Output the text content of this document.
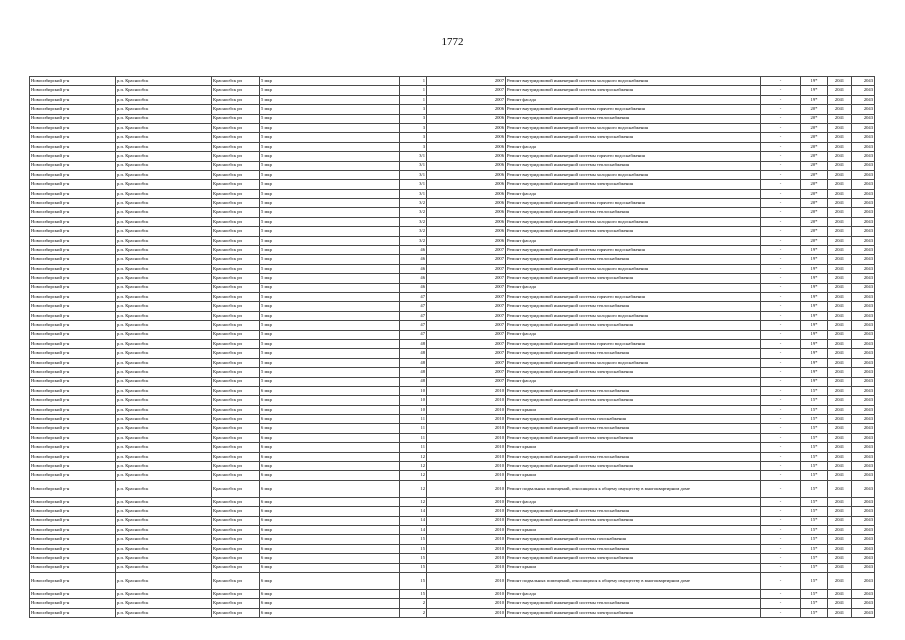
1772
Новосибирский р-н	р.п. Краснообск	Краснообск рп	5 мкр	1	2007	Ремонт внутридомовой инженерной системы холодного водоснабжения	-	19*	2041	2043
Новосибирский р-н	р.п. Краснообск	Краснообск рп	5 мкр	1	2007	Ремонт внутридомовой инженерной системы электроснабжения	-	19*	2041	2043
Новосибирский р-н	р.п. Краснообск	Краснообск рп	5 мкр	1	2007	Ремонт фасада	-	19*	2041	2043
Новосибирский р-н	р.п. Краснообск	Краснообск рп	5 мкр	3	2006	Ремонт внутридомовой инженерной системы горячего водоснабжения	-	20*	2041	2043
Новосибирский р-н	р.п. Краснообск	Краснообск рп	5 мкр	3	2006	Ремонт внутридомовой инженерной системы теплоснабжения	-	20*	2041	2043
Новосибирский р-н	р.п. Краснообск	Краснообск рп	5 мкр	3	2006	Ремонт внутридомовой инженерной системы холодного водоснабжения	-	20*	2041	2043
Новосибирский р-н	р.п. Краснообск	Краснообск рп	5 мкр	3	2006	Ремонт внутридомовой инженерной системы электроснабжения	-	20*	2041	2043
Новосибирский р-н	р.п. Краснообск	Краснообск рп	5 мкр	3	2006	Ремонт фасада	-	20*	2041	2043
Новосибирский р-н	р.п. Краснообск	Краснообск рп	5 мкр	3/1	2006	Ремонт внутридомовой инженерной системы горячего водоснабжения	-	20*	2041	2043
Новосибирский р-н	р.п. Краснообск	Краснообск рп	5 мкр	3/1	2006	Ремонт внутридомовой инженерной системы теплоснабжения	-	20*	2041	2043
Новосибирский р-н	р.п. Краснообск	Краснообск рп	5 мкр	3/1	2006	Ремонт внутридомовой инженерной системы холодного водоснабжения	-	20*	2041	2043
Новосибирский р-н	р.п. Краснообск	Краснообск рп	5 мкр	3/1	2006	Ремонт внутридомовой инженерной системы электроснабжения	-	20*	2041	2043
Новосибирский р-н	р.п. Краснообск	Краснообск рп	5 мкр	3/1	2006	Ремонт фасада	-	20*	2041	2043
Новосибирский р-н	р.п. Краснообск	Краснообск рп	5 мкр	3/2	2006	Ремонт внутридомовой инженерной системы горячего водоснабжения	-	20*	2041	2043
Новосибирский р-н	р.п. Краснообск	Краснообск рп	5 мкр	3/2	2006	Ремонт внутридомовой инженерной системы теплоснабжения	-	20*	2041	2043
Новосибирский р-н	р.п. Краснообск	Краснообск рп	5 мкр	3/2	2006	Ремонт внутридомовой инженерной системы холодного водоснабжения	-	20*	2041	2043
Новосибирский р-н	р.п. Краснообск	Краснообск рп	5 мкр	3/2	2006	Ремонт внутридомовой инженерной системы электроснабжения	-	20*	2041	2043
Новосибирский р-н	р.п. Краснообск	Краснообск рп	5 мкр	3/2	2006	Ремонт фасада	-	20*	2041	2043
Новосибирский р-н	р.п. Краснообск	Краснообск рп	5 мкр	46	2007	Ремонт внутридомовой инженерной системы горячего водоснабжения	-	19*	2041	2043
Новосибирский р-н	р.п. Краснообск	Краснообск рп	5 мкр	46	2007	Ремонт внутридомовой инженерной системы теплоснабжения	-	19*	2041	2043
Новосибирский р-н	р.п. Краснообск	Краснообск рп	5 мкр	46	2007	Ремонт внутридомовой инженерной системы холодного водоснабжения	-	19*	2041	2043
Новосибирский р-н	р.п. Краснообск	Краснообск рп	5 мкр	46	2007	Ремонт внутридомовой инженерной системы электроснабжения	-	19*	2041	2043
Новосибирский р-н	р.п. Краснообск	Краснообск рп	5 мкр	46	2007	Ремонт фасада	-	19*	2041	2043
Новосибирский р-н	р.п. Краснообск	Краснообск рп	5 мкр	47	2007	Ремонт внутридомовой инженерной системы горячего водоснабжения	-	19*	2041	2043
Новосибирский р-н	р.п. Краснообск	Краснообск рп	5 мкр	47	2007	Ремонт внутридомовой инженерной системы теплоснабжения	-	19*	2041	2043
Новосибирский р-н	р.п. Краснообск	Краснообск рп	5 мкр	47	2007	Ремонт внутридомовой инженерной системы холодного водоснабжения	-	19*	2041	2043
Новосибирский р-н	р.п. Краснообск	Краснообск рп	5 мкр	47	2007	Ремонт внутридомовой инженерной системы электроснабжения	-	19*	2041	2043
Новосибирский р-н	р.п. Краснообск	Краснообск рп	5 мкр	47	2007	Ремонт фасада	-	19*	2041	2043
Новосибирский р-н	р.п. Краснообск	Краснообск рп	5 мкр	48	2007	Ремонт внутридомовой инженерной системы горячего водоснабжения	-	19*	2041	2043
Новосибирский р-н	р.п. Краснообск	Краснообск рп	5 мкр	48	2007	Ремонт внутридомовой инженерной системы теплоснабжения	-	19*	2041	2043
Новосибирский р-н	р.п. Краснообск	Краснообск рп	5 мкр	48	2007	Ремонт внутридомовой инженерной системы холодного водоснабжения	-	19*	2041	2043
Новосибирский р-н	р.п. Краснообск	Краснообск рп	5 мкр	48	2007	Ремонт внутридомовой инженерной системы электроснабжения	-	19*	2041	2043
Новосибирский р-н	р.п. Краснообск	Краснообск рп	5 мкр	48	2007	Ремонт фасада	-	19*	2041	2043
Новосибирский р-н	р.п. Краснообск	Краснообск рп	6 мкр	10	2010	Ремонт внутридомовой инженерной системы теплоснабжения	-	15*	2041	2043
Новосибирский р-н	р.п. Краснообск	Краснообск рп	6 мкр	10	2010	Ремонт внутридомовой инженерной системы электроснабжения	-	15*	2041	2043
Новосибирский р-н	р.п. Краснообск	Краснообск рп	6 мкр	10	2010	Ремонт крыши	-	15*	2041	2043
Новосибирский р-н	р.п. Краснообск	Краснообск рп	6 мкр	11	2010	Ремонт внутридомовой инженерной системы газоснабжения	-	15*	2041	2043
Новосибирский р-н	р.п. Краснообск	Краснообск рп	6 мкр	11	2010	Ремонт внутридомовой инженерной системы теплоснабжения	-	15*	2041	2043
Новосибирский р-н	р.п. Краснообск	Краснообск рп	6 мкр	11	2010	Ремонт внутридомовой инженерной системы электроснабжения	-	15*	2041	2043
Новосибирский р-н	р.п. Краснообск	Краснообск рп	6 мкр	11	2010	Ремонт крыши	-	15*	2041	2043
Новосибирский р-н	р.п. Краснообск	Краснообск рп	6 мкр	12	2010	Ремонт внутридомовой инженерной системы теплоснабжения	-	15*	2041	2043
Новосибирский р-н	р.п. Краснообск	Краснообск рп	6 мкр	12	2010	Ремонт внутридомовой инженерной системы электроснабжения	-	15*	2041	2043
Новосибирский р-н	р.п. Краснообск	Краснообск рп	6 мкр	12	2010	Ремонт крыши	-	15*	2041	2043
Новосибирский р-н	р.п. Краснообск	Краснообск рп	6 мкр	12	2010	Ремонт подвальных помещений, относящихся к общему имуществу в многоквартирном доме	-	15*	2041	2043
Новосибирский р-н	р.п. Краснообск	Краснообск рп	6 мкр	12	2010	Ремонт фасада	-	15*	2041	2043
Новосибирский р-н	р.п. Краснообск	Краснообск рп	6 мкр	14	2010	Ремонт внутридомовой инженерной системы теплоснабжения	-	15*	2041	2043
Новосибирский р-н	р.п. Краснообск	Краснообск рп	6 мкр	14	2010	Ремонт внутридомовой инженерной системы электроснабжения	-	15*	2041	2043
Новосибирский р-н	р.п. Краснообск	Краснообск рп	6 мкр	14	2010	Ремонт крыши	-	15*	2041	2043
Новосибирский р-н	р.п. Краснообск	Краснообск рп	6 мкр	15	2010	Ремонт внутридомовой инженерной системы газоснабжения	-	15*	2041	2043
Новосибирский р-н	р.п. Краснообск	Краснообск рп	6 мкр	15	2010	Ремонт внутридомовой инженерной системы теплоснабжения	-	15*	2041	2043
Новосибирский р-н	р.п. Краснообск	Краснообск рп	6 мкр	15	2010	Ремонт внутридомовой инженерной системы электроснабжения	-	15*	2041	2043
Новосибирский р-н	р.п. Краснообск	Краснообск рп	6 мкр	15	2010	Ремонт крыши	-	15*	2041	2043
Новосибирский р-н	р.п. Краснообск	Краснообск рп	6 мкр	15	2010	Ремонт подвальных помещений, относящихся к общему имуществу в многоквартирном доме	-	15*	2041	2043
Новосибирский р-н	р.п. Краснообск	Краснообск рп	6 мкр	15	2010	Ремонт фасада	-	15*	2041	2043
Новосибирский р-н	р.п. Краснообск	Краснообск рп	6 мкр	2	2010	Ремонт внутридомовой инженерной системы теплоснабжения	-	15*	2041	2043
Новосибирский р-н	р.п. Краснообск	Краснообск рп	6 мкр	2	2010	Ремонт внутридомовой инженерной системы электроснабжения	-	15*	2041	2043
